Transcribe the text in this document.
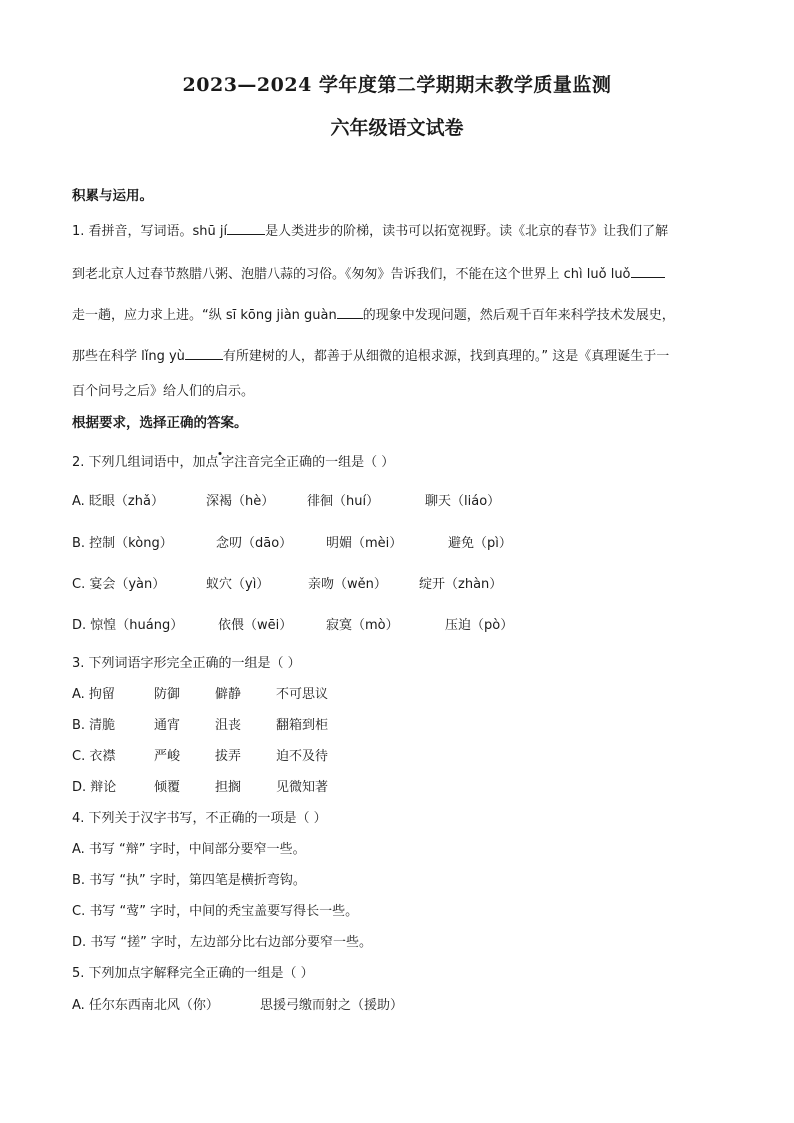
2023—2024 学年度第二学期期末教学质量监测
六年级语文试卷
积累与运用。
1. 看拼音，写词语。shū jí	是人类进步的阶梯，读书可以拓宽视野。读《北京的春节》让我们了解
到老北京人过春节熬腊八粥、泡腊八蒜的习俗。《匆匆》告诉我们，不能在这个世界上 chì luǒ luǒ
走一趟，应力求上进。“纵 sī kōng jiàn guàn 的现象中发现问题，然后观千百年来科学技术发展史，
那些在科学 lǐng yù	有所建树的人，都善于从细微的追根求源，找到真理的。” 这是《真理诞生于一
百个问号之后》给人们的启示。
根据要求，选择正确的答案。
2. 下列几组词语中，加点  字注音完全正确的一组是（ ）
A. 眨眼（zhǎ）	深褐（hè）	徘徊（huí）	聊天（liáo）
B. 控制（kòng）	念叨（dāo）	明媚（mèi）	避免（pì）
C. 宴会（yàn）	蚁穴（yì）	亲吻（wěn） 绽开（zhàn）
D. 惊惶（huáng）	依偎（wēi）	寂寞（mò）	压迫（pò）
3. 下列词语字形完全正确的一组是（ ）
A. 拘留	防御	僻静	不可思议
B. 清脆	通宵	沮丧	翻箱到柜
C. 衣襟	严峻	拔弄	迫不及待
D. 辩论	倾覆	担搁	见微知著
4. 下列关于汉字书写，不正确的一项是（ ）
A. 书写 “辩” 字时，中间部分要窄一些。
B. 书写 “执” 字时，第四笔是横折弯钩。
C. 书写 “莺” 字时，中间的秃宝盖要写得长一些。
D. 书写 “搓” 字时，左边部分比右边部分要窄一些。
5. 下列加点字解释完全正确的一组是（ ）
A. 任尔东西南北风（你）	思援弓缴而射之（援助）
